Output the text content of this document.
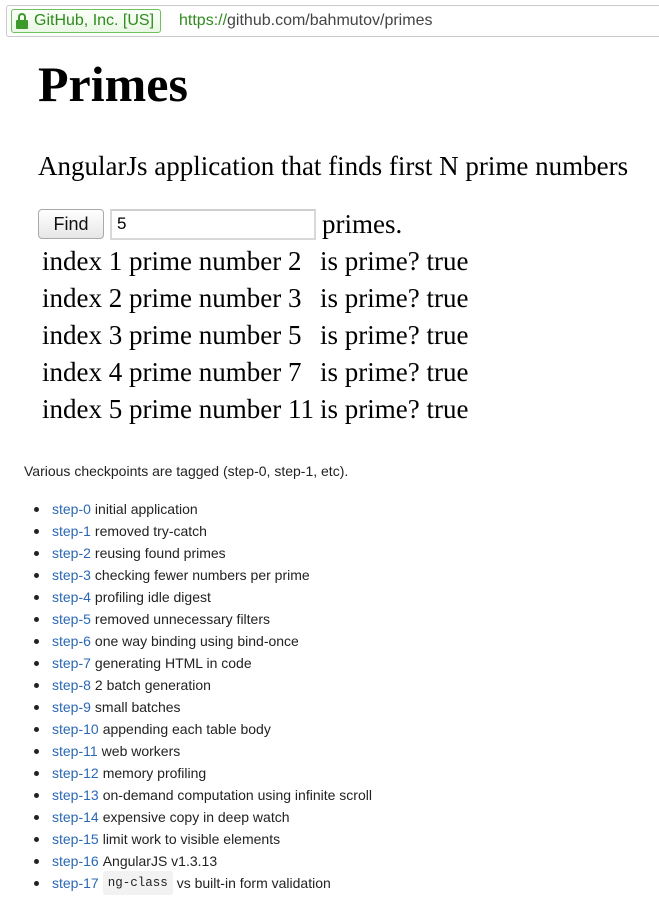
GitHub, Inc. [US] https:// github.com/bahmutov/primes
Primes
AngularJs application that finds first N prime numbers
Find
5	primes.
index 1 prime number 2	is prime? true
index 2 prime number 3	is prime? true
index 3 prime number 5	is prime? true
index 4 prime number 7	is prime? true
index 5 prime number 11	is prime? true
Various checkpoints are tagged (step-0, step-1, etc).
step-0 initial application
step-1 removed try-catch
step-2 reusing found primes
step-3 checking fewer numbers per prime
step-4 profiling idle digest
step-5 removed unnecessary filters
step-6 one way binding using bind-once
step-7 generating HTML in code
step-8 2 batch generation
step-9 small batches
step-10 appending each table body
step-11 web workers
step-12 memory profiling
step-13 on-demand computation using infinite scroll
step-14 expensive copy in deep watch
step-15 limit work to visible elements
step-16 AngularJS v1.3.13
step-17 ng-class vs built-in form validation
